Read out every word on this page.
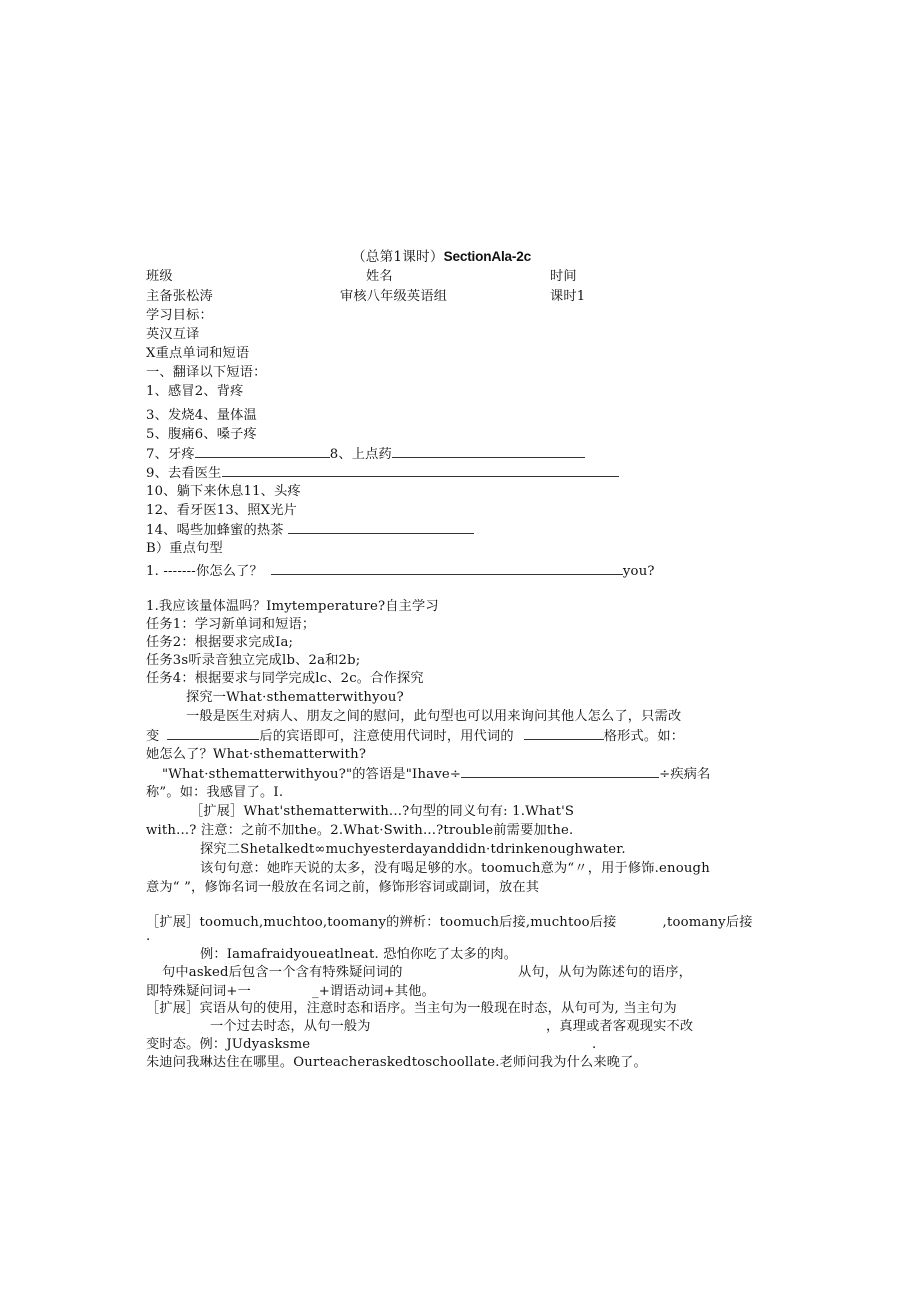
（总第1课时）SectionAla-2c
班级	姓名	时间
主备张松涛	审核八年级英语组	课时1
学习目标：
英汉互译
X重点单词和短语
一、翻译以下短语：
1、感冒2、背疼
3、发烧4、量体温
5、腹痛6、嗓子疼
7、牙疼	8、上点药
9、去看医生
10、躺下来休息11、头疼
12、看牙医13、照X光片
14、喝些加蜂蜜的热茶
B）重点句型
1. -------你怎么了？	you?
1.我应该量体温吗？Imytemperature?自主学习
任务1：学习新单词和短语；
任务2：根据要求完成Ia;
任务3s听录音独立完成lb、2a和2b;
任务4：根据要求与同学完成lc、2c。合作探究
探究一What·sthematterwithyou?
一般是医生对病人、朋友之间的慰问，此句型也可以用来询问其他人怎么了，只需改
变	后的宾语即可，注意使用代词时，用代词的	格形式。如：
她怎么了？What·sthematterwith?
"What·sthematterwithyou?"的答语是"Ihave÷	÷疾病名
称”。如：我感冒了。I.
［扩展］What'sthematterwith...?句型的同义句有: 1.What'S
with...? 注意：之前不加the。2.What·Swith...?trouble前需要加the.
探究二Shetalkedt∞muchyesterdayanddidn·tdrinkenoughwater.
该句句意：她昨天说的太多，没有喝足够的水。toomuch意为“〃，用于修饰.enough
意为“ ”，修饰名词一般放在名词之前，修饰形容词或副词，放在其
［扩展］toomuch,muchtoo,toomany的辨析：toomuch后接,muchtoo后接	,toomany后接
.
例：Iamafraidyoueatlneat. 恐怕你吃了太多的肉。
句中asked后包含一个含有特殊疑问词的	从句，从句为陈述句的语序，
即特殊疑问词+一	_+谓语动词+其他。
［扩展］宾语从句的使用，注意时态和语序。当主句为一般现在时态，从句可为, 当主句为
一个过去时态，从句一般为	，真理或者客观现实不改
变时态。例：JUdyasksme	.
朱迪问我琳达住在哪里。Ourteacheraskedtoschoollate.老师问我为什么来晚了。
